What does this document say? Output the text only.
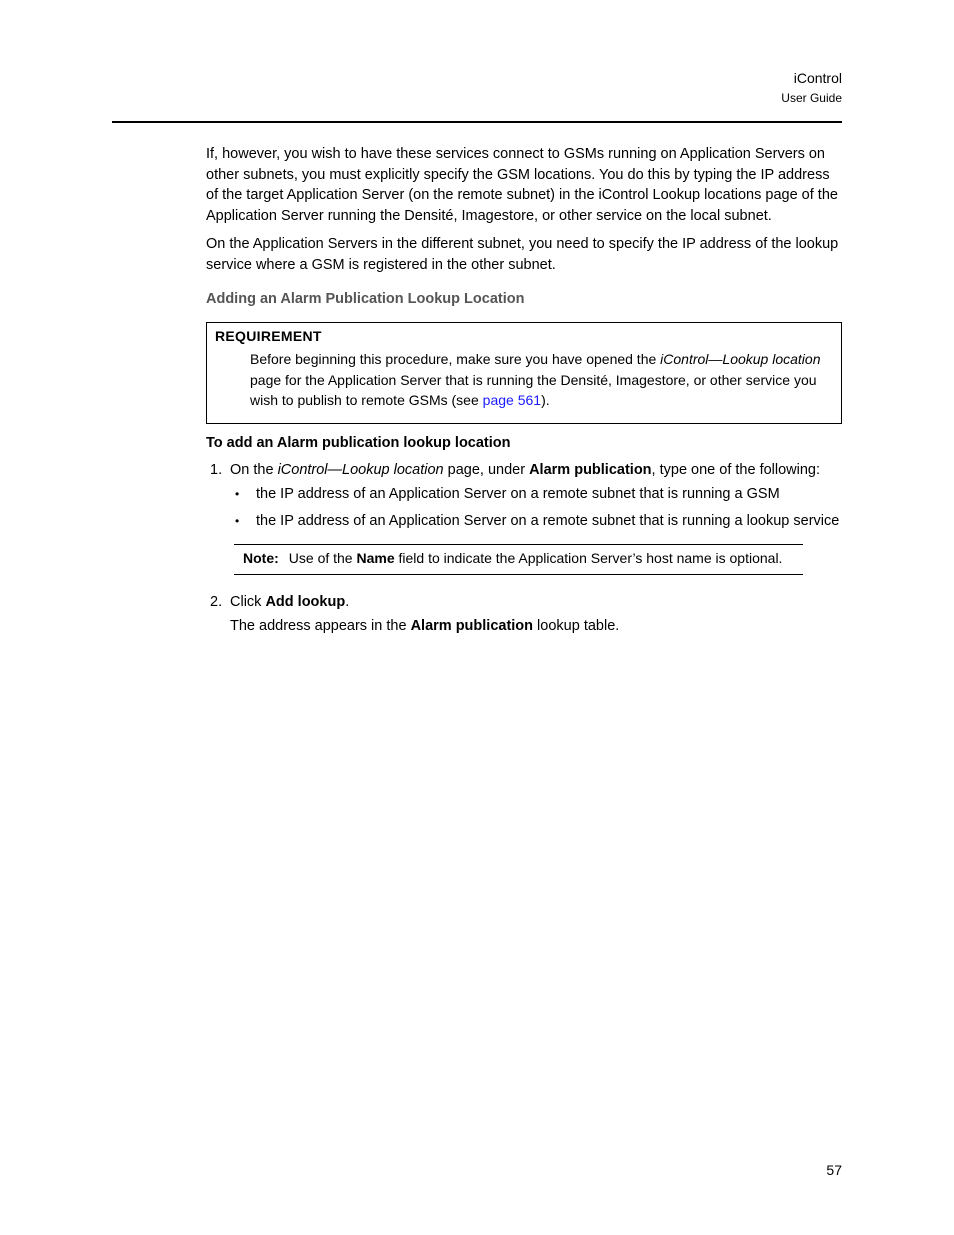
iControl
User Guide

If, however, you wish to have these services connect to GSMs running on Application Servers on other subnets, you must explicitly specify the GSM locations. You do this by typing the IP address of the target Application Server (on the remote subnet) in the iControl Lookup locations page of the Application Server running the Densité, Imagestore, or other service on the local subnet.

On the Application Servers in the different subnet, you need to specify the IP address of the lookup service where a GSM is registered in the other subnet.

Adding an Alarm Publication Lookup Location

REQUIREMENT
Before beginning this procedure, make sure you have opened the iControl—Lookup location page for the Application Server that is running the Densité, Imagestore, or other service you wish to publish to remote GSMs (see page 561).

To add an Alarm publication lookup location

1. On the iControl—Lookup location page, under Alarm publication, type one of the following:
• the IP address of an Application Server on a remote subnet that is running a GSM
• the IP address of an Application Server on a remote subnet that is running a lookup service
Note: Use of the Name field to indicate the Application Server’s host name is optional.
2. Click Add lookup.

The address appears in the Alarm publication lookup table.

57
